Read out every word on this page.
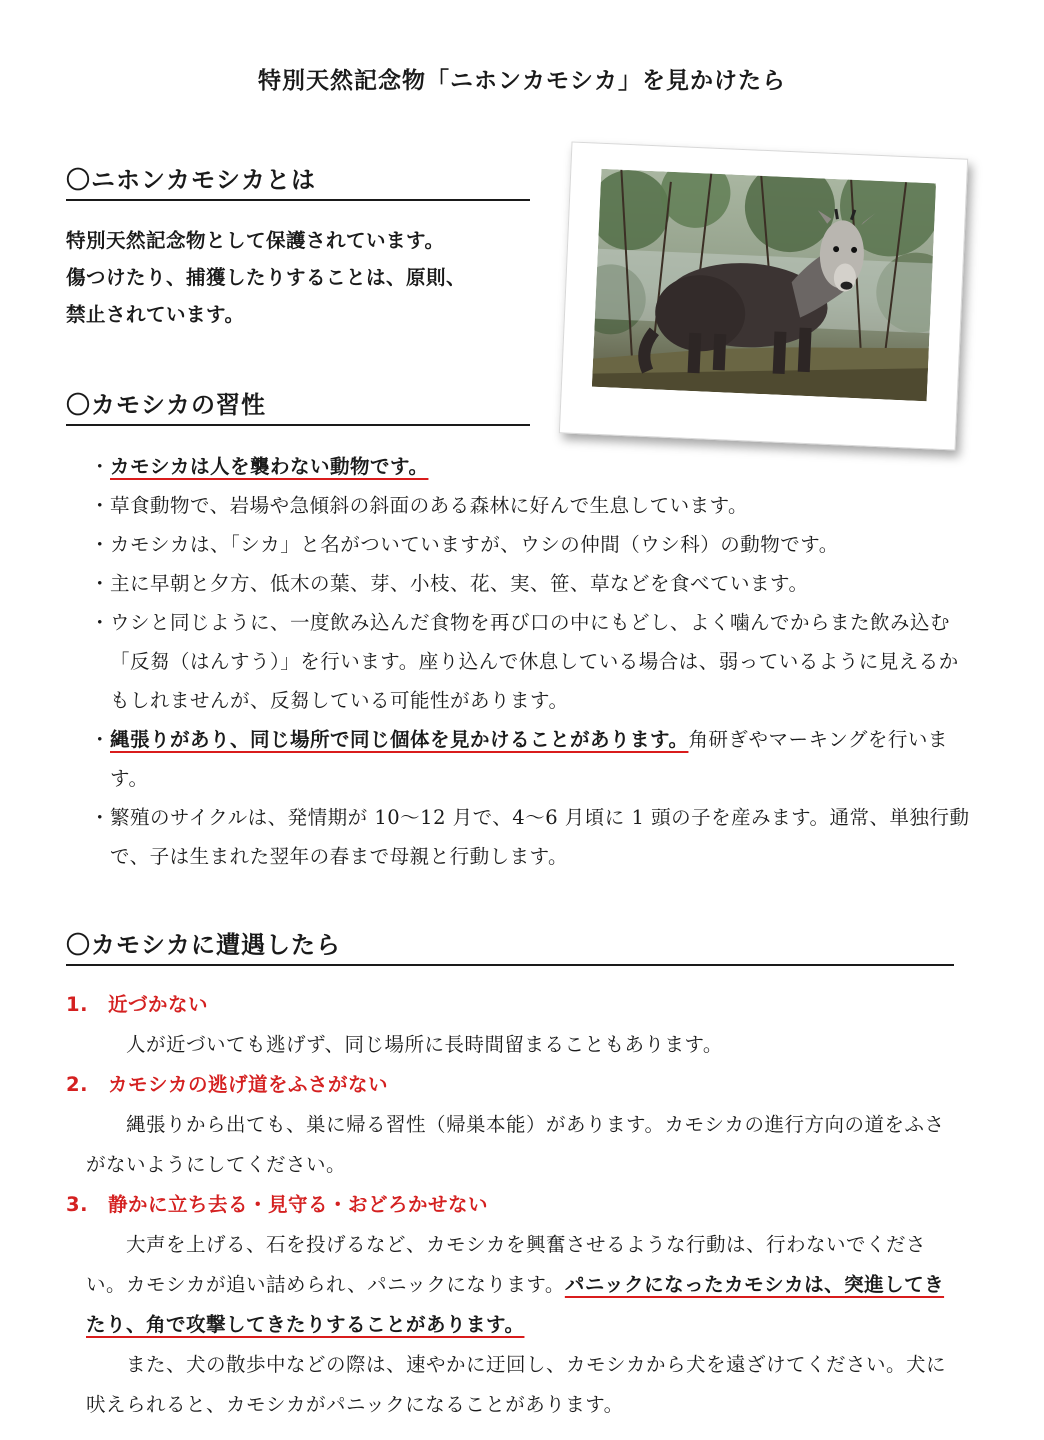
特別天然記念物「ニホンカモシカ」を見かけたら
〇ニホンカモシカとは
特別天然記念物として保護されています。
傷つけたり、捕獲したりすることは、原則、
禁止されています。
〇カモシカの習性
・ カモシカは人を襲わない動物です。
・ 草食動物で、岩場や急傾斜の斜面のある森林に好んで生息しています。
・ カモシカは、「シカ」と名がついていますが、ウシの仲間（ウシ科）の動物です。
・ 主に早朝と夕方、低木の葉、芽、小枝、花、実、笹、草などを食べています。
・ ウシと同じように、一度飲み込んだ食物を再び口の中にもどし、よく噛んでからまた飲み込む「反芻（はんすう）」を行います。座り込んで休息している場合は、弱っているように見えるかもしれませんが、反芻している可能性があります。
・ 縄張りがあり、同じ場所で同じ個体を見かけることがあります。角研ぎやマーキングを行います。
・ 繁殖のサイクルは、発情期が 10～12 月で、4～6 月頃に 1 頭の子を産みます。通常、単独行動で、子は生まれた翌年の春まで母親と行動します。
〇カモシカに遭遇したら
1. 近づかない
人が近づいても逃げず、同じ場所に長時間留まることもあります。
2. カモシカの逃げ道をふさがない
縄張りから出ても、巣に帰る習性（帰巣本能）があります。カモシカの進行方向の道をふさがないようにしてください。
3. 静かに立ち去る・見守る・おどろかせない
大声を上げる、石を投げるなど、カモシカを興奮させるような行動は、行わないでください。カモシカが追い詰められ、パニックになります。パニックになったカモシカは、突進してきたり、角で攻撃してきたりすることがあります。
また、犬の散歩中などの際は、速やかに迂回し、カモシカから犬を遠ざけてください。犬に吠えられると、カモシカがパニックになることがあります。
